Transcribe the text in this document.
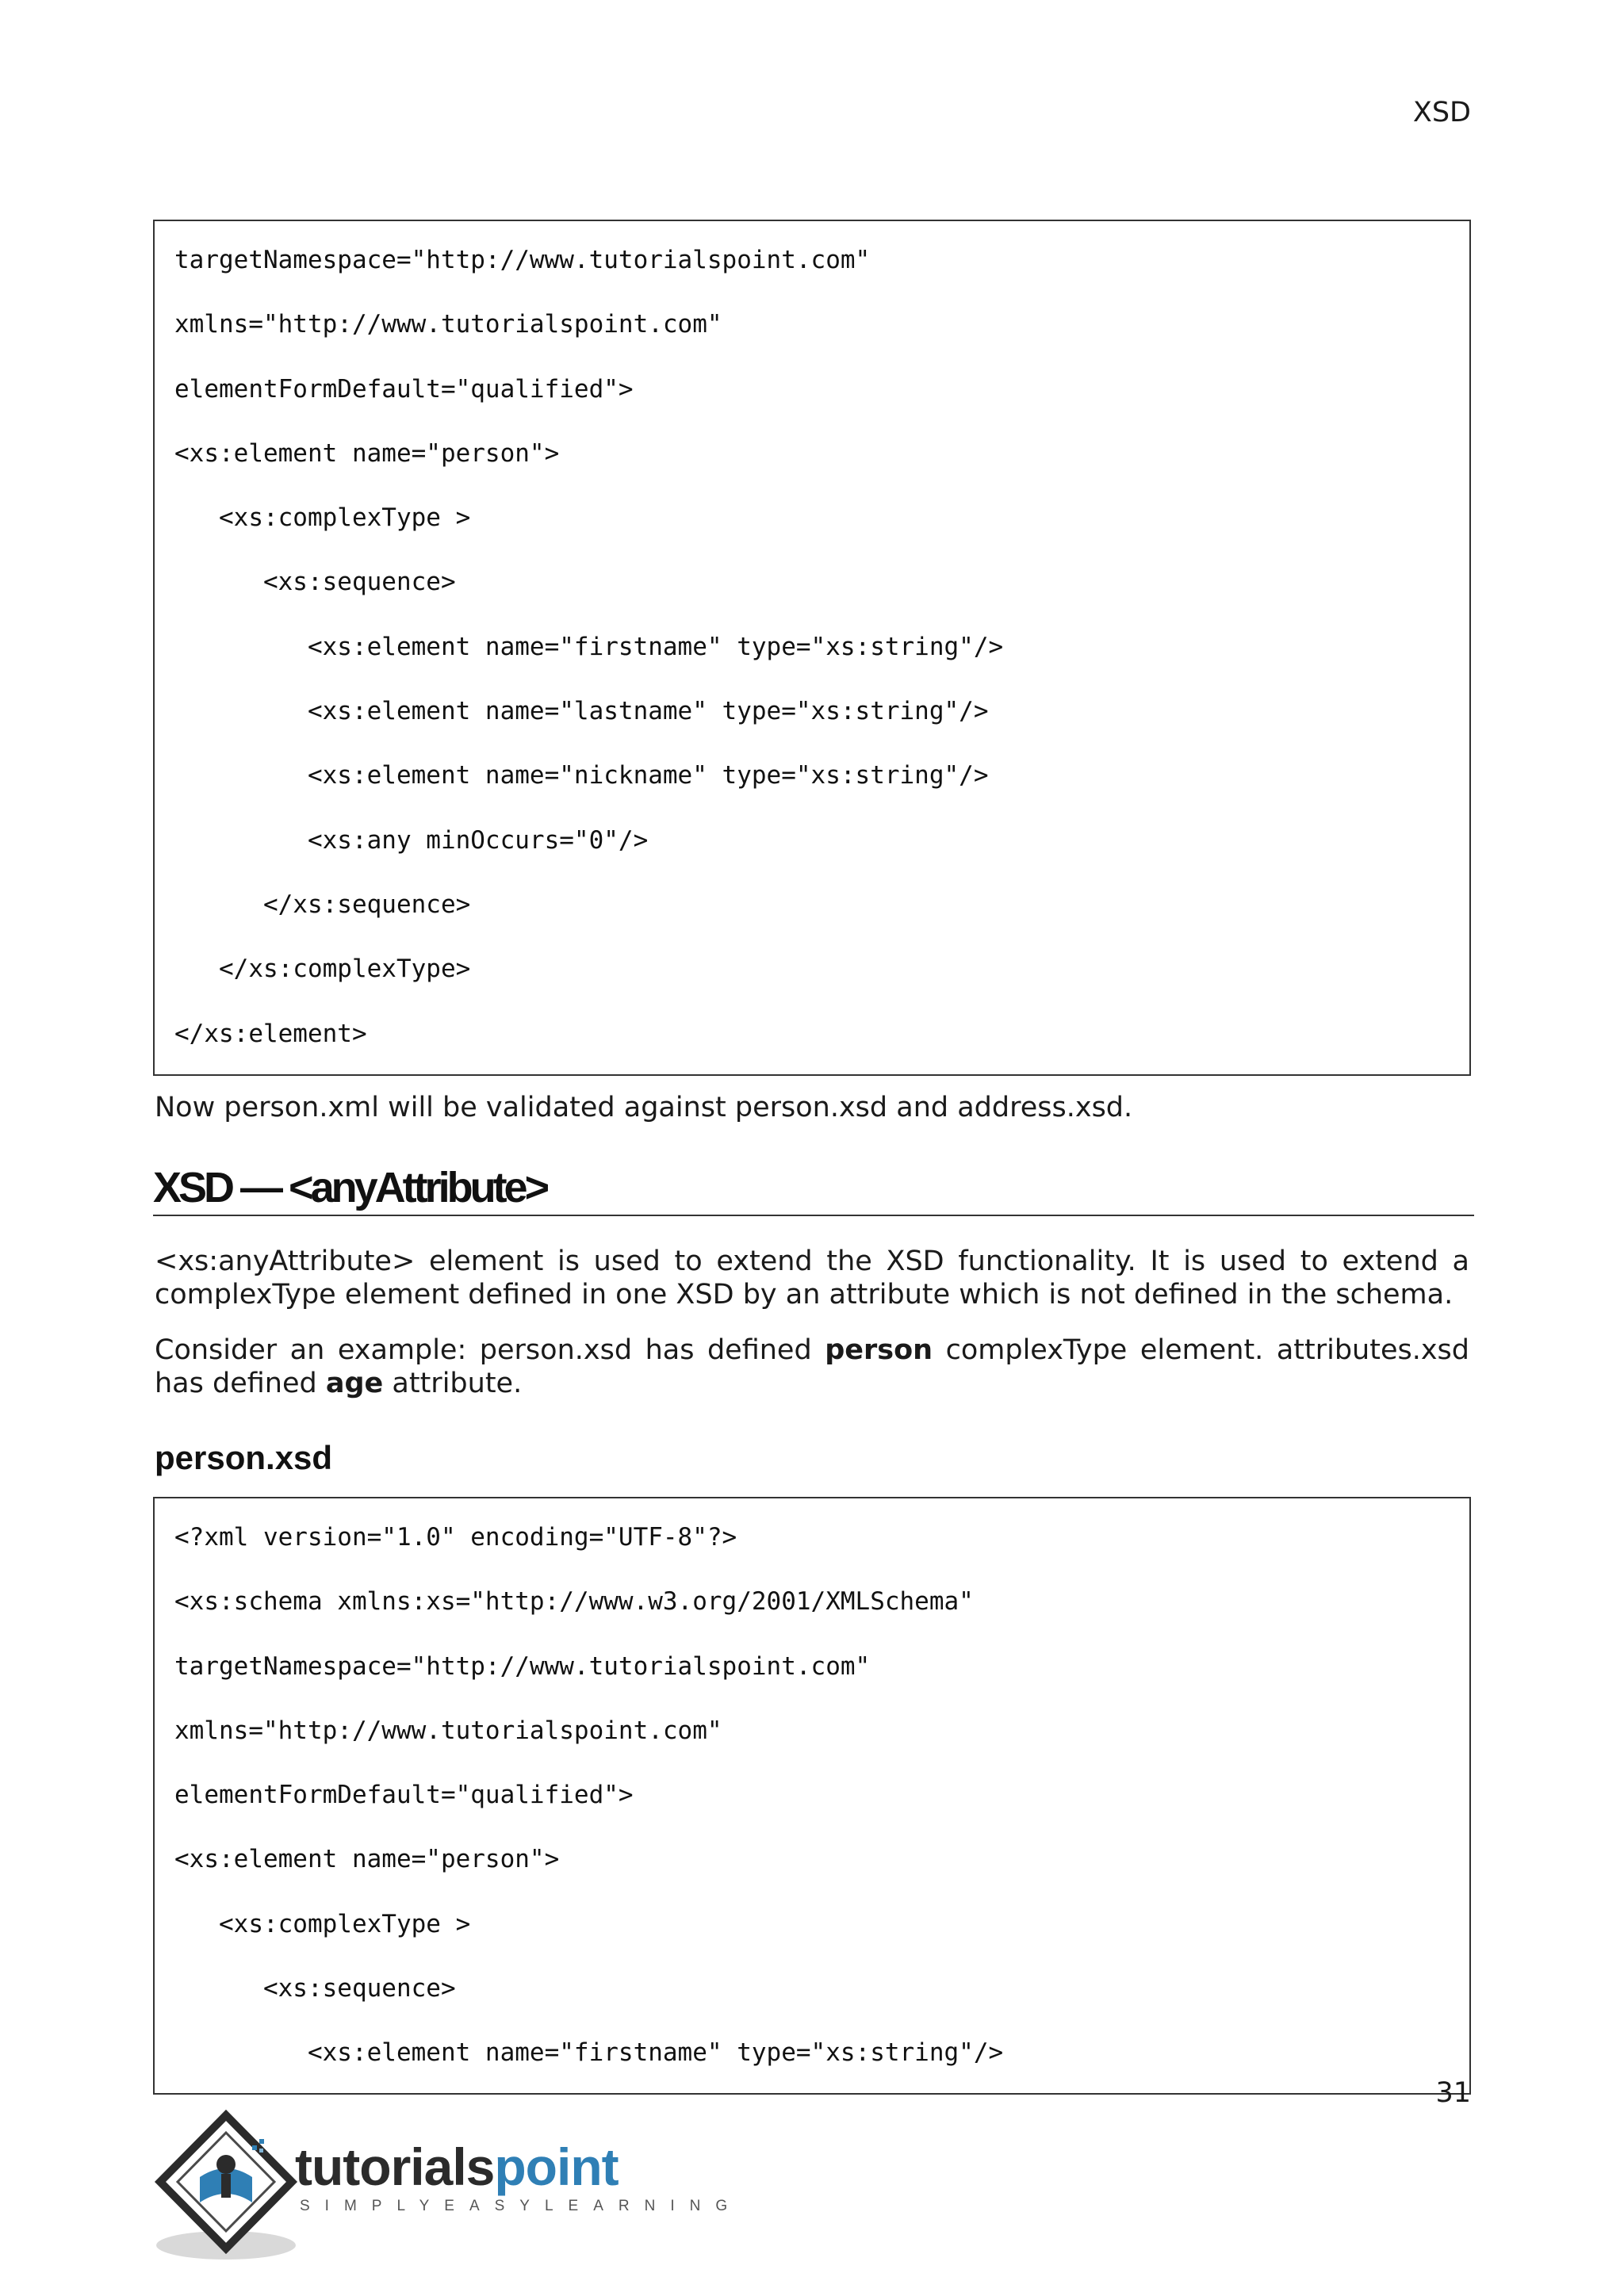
XSD
targetNamespace="http://www.tutorialspoint.com"
xmlns="http://www.tutorialspoint.com"
elementFormDefault="qualified">
<xs:element name="person">
<xs:complexType >
<xs:sequence>
<xs:element name="firstname" type="xs:string"/>
<xs:element name="lastname" type="xs:string"/>
<xs:element name="nickname" type="xs:string"/>
<xs:any minOccurs="0"/>
</xs:sequence>
</xs:complexType>
</xs:element>
Now person.xml will be validated against person.xsd and address.xsd.
XSD — <anyAttribute>
<xs:anyAttribute> element is used to extend the XSD functionality. It is used to extend a complexType element defined in one XSD by an attribute which is not defined in the schema.
Consider an example: person.xsd has defined person complexType element. attributes.xsd has defined age attribute.
person.xsd
<?xml version="1.0" encoding="UTF-8"?>
<xs:schema xmlns:xs="http://www.w3.org/2001/XMLSchema"
targetNamespace="http://www.tutorialspoint.com"
xmlns="http://www.tutorialspoint.com"
elementFormDefault="qualified">
<xs:element name="person">
<xs:complexType >
<xs:sequence>
<xs:element name="firstname" type="xs:string"/>
31
tutorialspoint
SIMPLYEASYLEARNING
